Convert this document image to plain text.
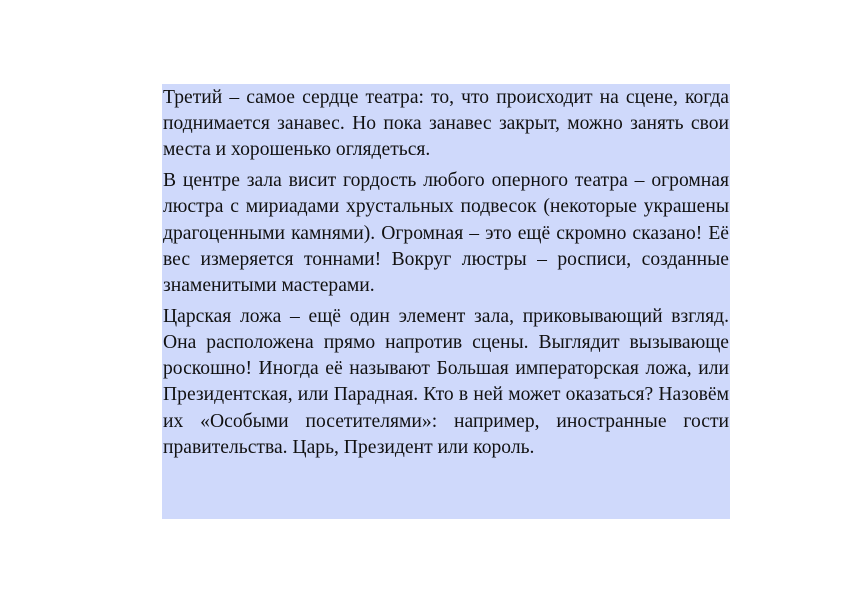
Третий – самое сердце театра: то, что происходит на сцене, когда поднимается занавес. Но пока занавес закрыт, можно занять свои места и хорошенько оглядеться.

В центре зала висит гордость любого оперного театра – огромная люстра с мириадами хрустальных подвесок (некоторые украшены драгоценными камнями). Огромная – это ещё скромно сказано! Её вес измеряется тоннами! Вокруг люстры – росписи, созданные знаменитыми мастерами.

Царская ложа – ещё один элемент зала, приковывающий взгляд. Она расположена прямо напротив сцены. Выглядит вызывающе роскошно! Иногда её называют Большая императорская ложа, или Президентская, или Парадная. Кто в ней может оказаться? Назовём их «Особыми посетителями»: например, иностранные гости правительства. Царь, Президент или король.
